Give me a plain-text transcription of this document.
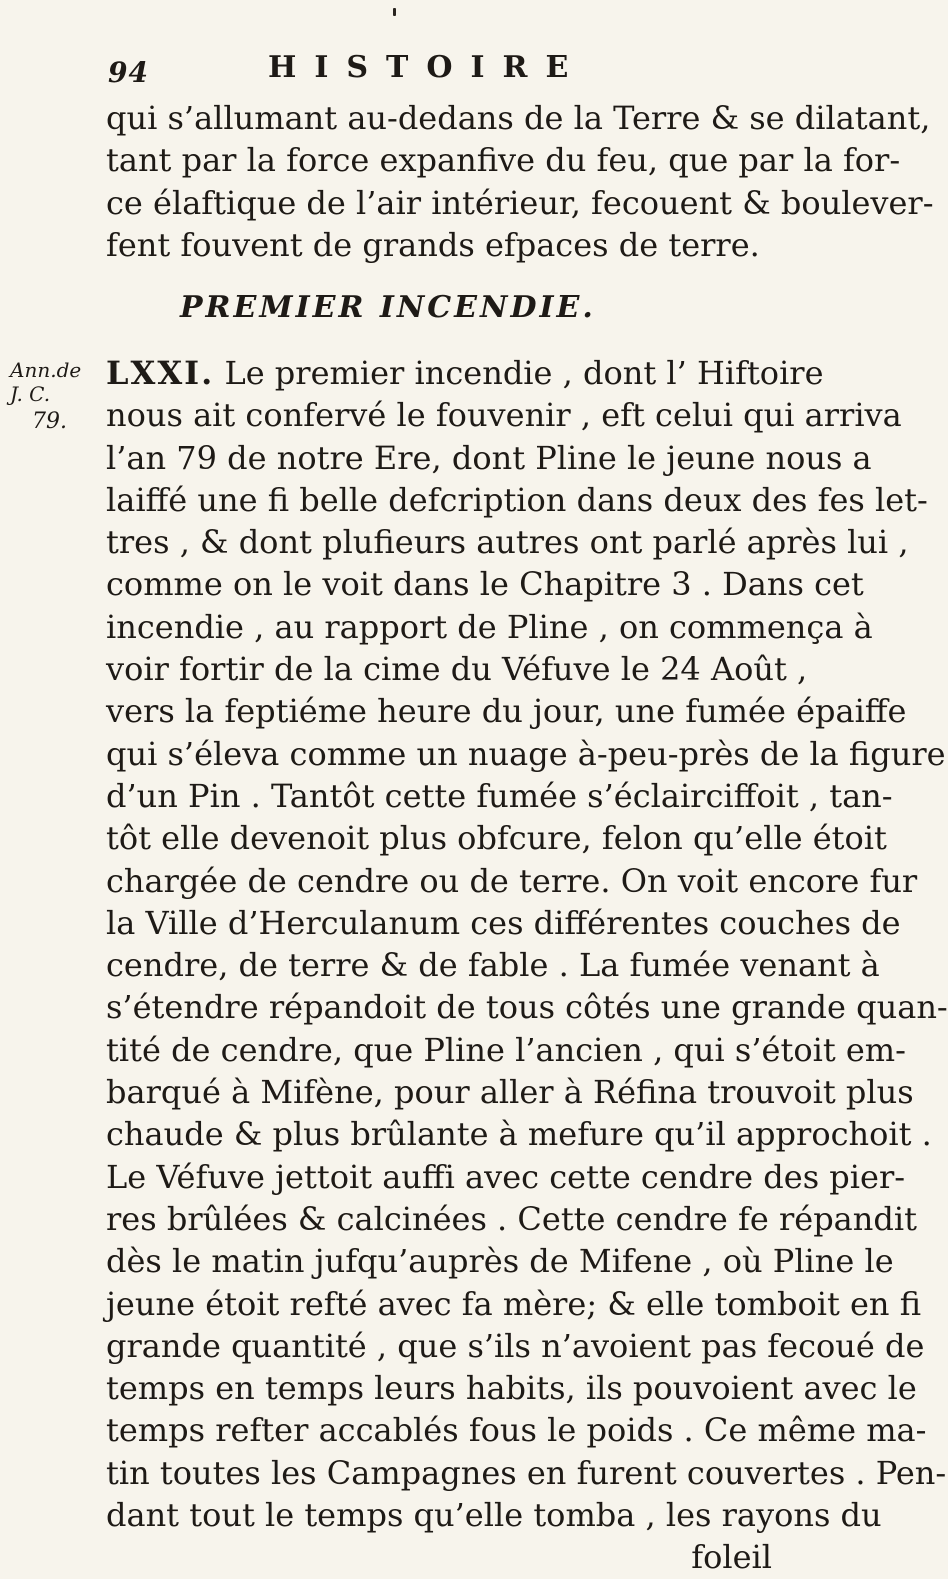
94	HISTOIRE
qui s’allumant au-dedans de la Terre & se dilatant,
tant par la force expanfive du feu, que par la for-
ce élaftique de l’air intérieur, fecouent & boulever-
fent fouvent de grands efpaces de terre.
PREMIER INCENDIE.
Ann.de
J. C.
79.
LXXI. Le premier incendie , dont l’ Hiftoire
nous ait confervé le fouvenir , eft celui qui arriva
l’an 79 de notre Ere, dont Pline le jeune nous a
laiffé une fi belle defcription dans deux des fes let-
tres , & dont plufieurs autres ont parlé après lui ,
comme on le voit dans le Chapitre 3 . Dans cet
incendie , au rapport de Pline , on commença à
voir fortir de la cime du Véfuve le 24 Août ,
vers la feptiéme heure du jour, une fumée épaiffe
qui s’éleva comme un nuage à-peu-près de la figure
d’un Pin . Tantôt cette fumée s’éclairciffoit , tan-
tôt elle devenoit plus obfcure, felon qu’elle étoit
chargée de cendre ou de terre. On voit encore fur
la Ville d’Herculanum ces différentes couches de
cendre, de terre & de fable . La fumée venant à
s’étendre répandoit de tous côtés une grande quan-
tité de cendre, que Pline l’ancien , qui s’étoit em-
barqué à Mifène, pour aller à Réfina trouvoit plus
chaude & plus brûlante à mefure qu’il approchoit .
Le Véfuve jettoit auffi avec cette cendre des pier-
res brûlées & calcinées . Cette cendre fe répandit
dès le matin jufqu’auprès de Mifene , où Pline le
jeune étoit refté avec fa mère; & elle tomboit en fi
grande quantité , que s’ils n’avoient pas fecoué de
temps en temps leurs habits, ils pouvoient avec le
temps refter accablés fous le poids . Ce même ma-
tin toutes les Campagnes en furent couvertes . Pen-
dant tout le temps qu’elle tomba , les rayons du
foleil
